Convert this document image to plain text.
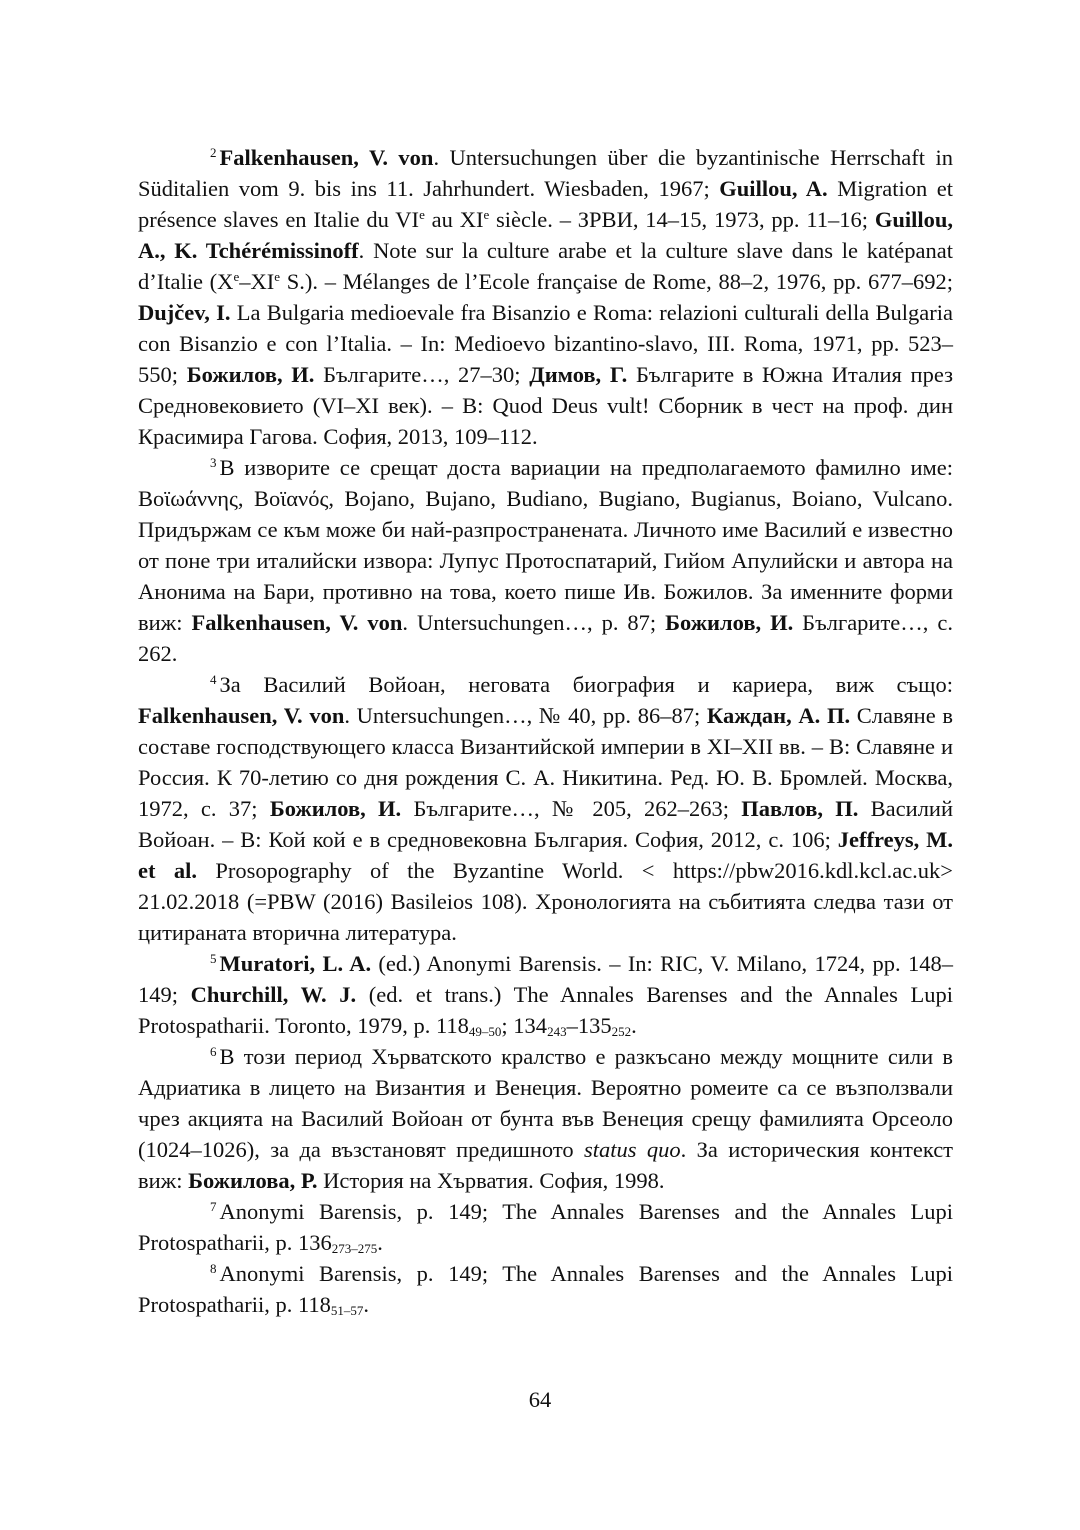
$^2$ Falkenhausen, V. von. Untersuchungen über die byzantinische Herrschaft in Süditalien vom 9. bis ins 11. Jahrhundert. Wiesbaden, 1967; Guillou, A. Migration et présence slaves en Italie du VIe au XIe siècle. – ЗРВИ, 14–15, 1973, pp. 11–16; Guillou, A., K. Tchérémissinoff. Note sur la culture arabe et la culture slave dans le katépanat d’Italie (Xe–XIe S.). – Mélanges de l’Ecole française de Rome, 88–2, 1976, pp. 677–692; Dujčev, I. La Bulgaria medioevale fra Bisanzio e Roma: relazioni culturali della Bulgaria con Bisanzio e con l’Italia. – In: Medioevo bizantino-slavo, III. Roma, 1971, pp. 523–550; Божилов, И. Българите…, 27–30; Димов, Г. Българите в Южна Италия през Средновековието (VI–XI век). – В: Quod Deus vult! Сборник в чест на проф. дин Красимира Гагова. София, 2013, 109–112.

$^3$ В изворите се срещат доста вариации на предполагаемото фамилно име: Βοϊωάννης, Βοϊανός, Bojano, Bujano, Budiano, Bugiano, Bugianus, Boiano, Vulcano. Придържам се към може би най-разпространената. Личното име Василий е известно от поне три италийски извора: Лупус Протоспатарий, Гийом Апулийски и автора на Анонима на Бари, противно на това, което пише Ив. Божилов. За именните форми виж: Falkenhausen, V. von. Untersuchungen…, p. 87; Божилов, И. Българите…, с. 262.

$^4$ За Василий Войоан, неговата биография и кариера, виж също: Falkenhausen, V. von. Untersuchungen…, № 40, pp. 86–87; Каждан, А. П. Славяне в составе господствующего класса Византийской империи в XI–XII вв. – В: Славяне и Россия. К 70-летию со дня рождения С. А. Никитина. Ред. Ю. В. Бромлей. Москва, 1972, с. 37; Божилов, И. Българите…, № 205, 262–263; Павлов, П. Василий Войоан. – В: Кой кой е в средновековна България. София, 2012, с. 106; Jeffreys, M. et al. Prosopography of the Byzantine World. < https://pbw2016.kdl.kcl.ac.uk> 21.02.2018 (=PBW (2016) Basileios 108). Хронологията на събитията следва тази от цитираната вторична литература.

$^5$ Muratori, L. A. (ed.) Anonymi Barensis. – In: RIC, V. Milano, 1724, pp. 148–149; Churchill, W. J. (ed. et trans.) The Annales Barenses and the Annales Lupi Protospatharii. Toronto, 1979, p. $118_{49-50}$; $134_{243}-135_{252}$.

$^6$ В този период Хърватското кралство е разкъсано между мощните сили в Адриатика в лицето на Византия и Венеция. Вероятно ромеите са се възползвали чрез акцията на Василий Войоан от бунта във Венеция срещу фамилията Орсеоло (1024–1026), за да възстановят предишното status quo. За историческия контекст виж: Божилова, Р. История на Хърватия. София, 1998.

$^7$ Anonymi Barensis, p. 149; The Annales Barenses and the Annales Lupi Protospatharii, p. $136_{273-275}$.

$^8$ Anonymi Barensis, p. 149; The Annales Barenses and the Annales Lupi Protospatharii, p. $118_{51-57}$.

64
